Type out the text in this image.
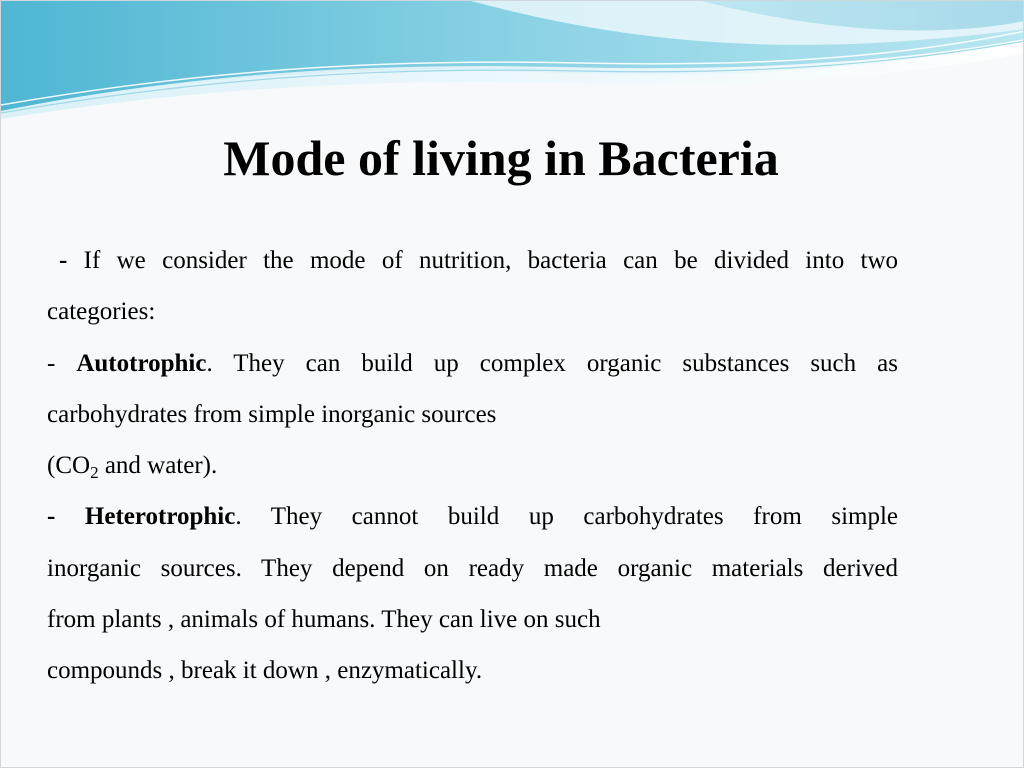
Mode of living in Bacteria
- If we consider the mode of nutrition, bacteria can be divided into two
categories:
- Autotrophic. They can build up complex organic substances such as
carbohydrates from simple inorganic sources
($CO_2$ and water).
- Heterotrophic. They cannot build up carbohydrates from simple
inorganic sources. They depend on ready made organic materials derived
from plants , animals of humans. They can live on such
compounds , break it down , enzymatically.
